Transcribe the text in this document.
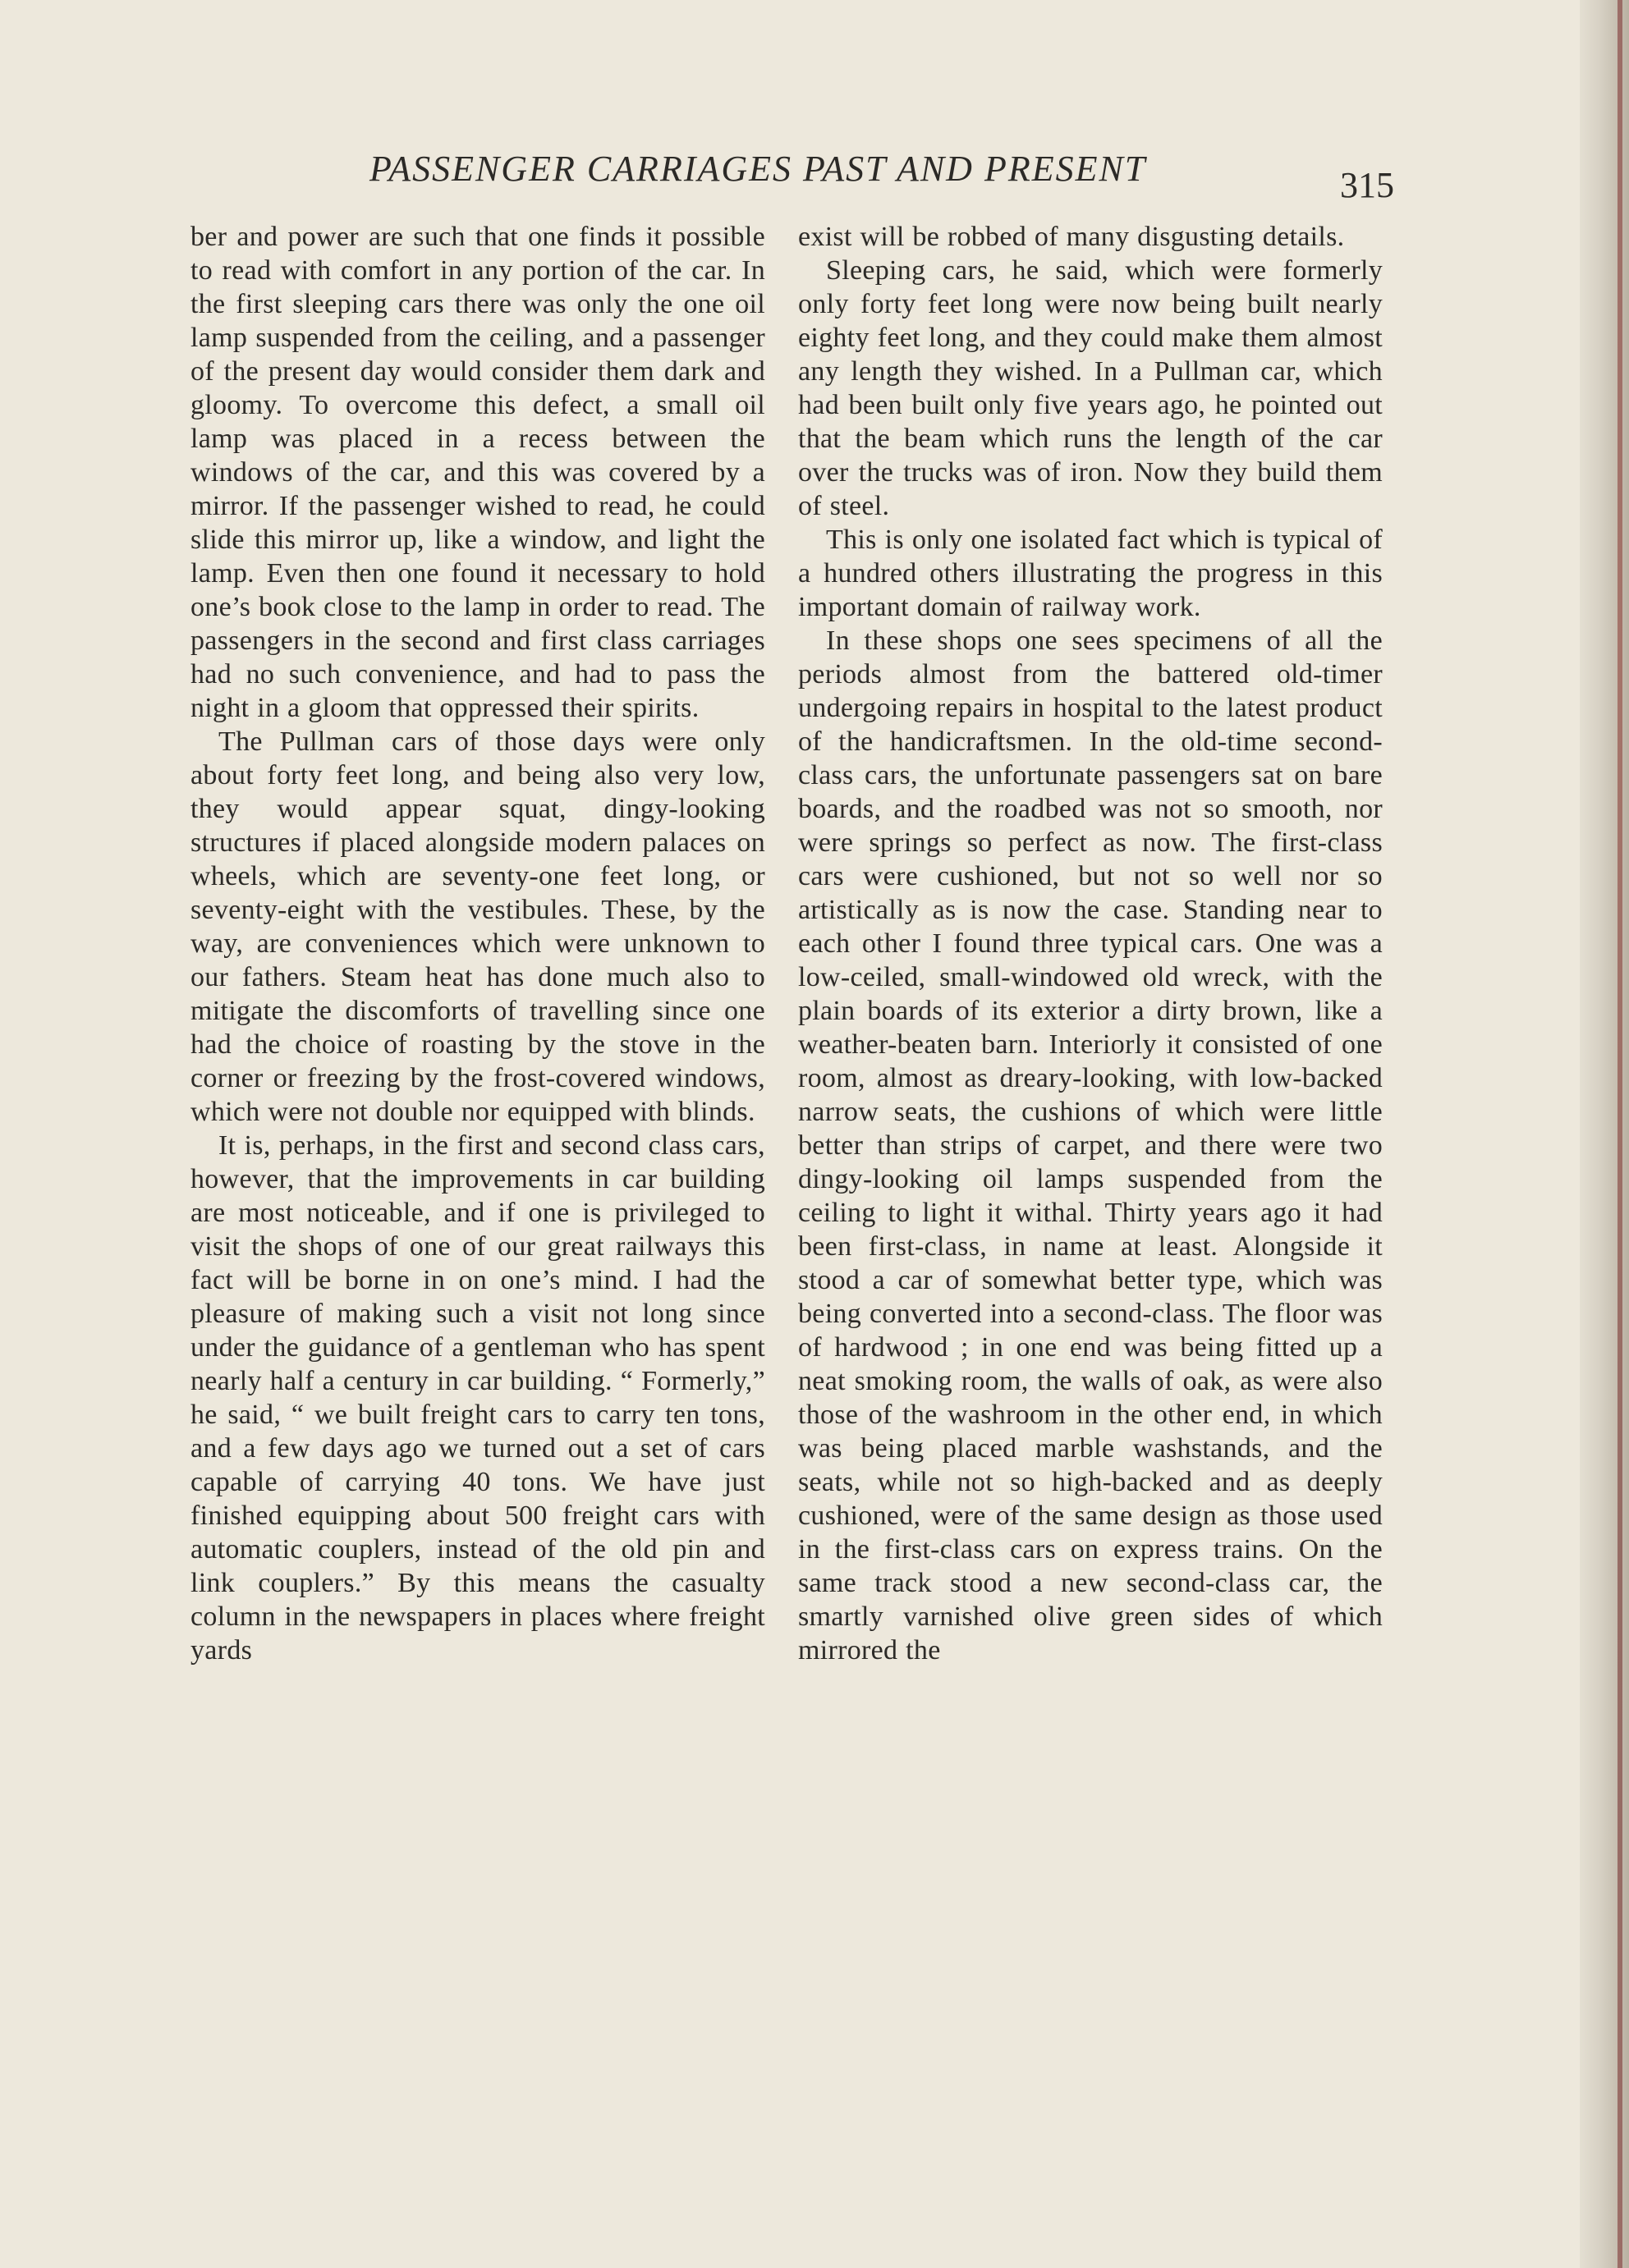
PASSENGER CARRIAGES PAST AND PRESENT	315

ber and power are such that one finds it possible to read with comfort in any portion of the car. In the first sleeping cars there was only the one oil lamp suspended from the ceiling, and a passenger of the present day would consider them dark and gloomy. To overcome this defect, a small oil lamp was placed in a recess between the windows of the car, and this was covered by a mirror. If the passenger wished to read, he could slide this mirror up, like a window, and light the lamp. Even then one found it necessary to hold one’s book close to the lamp in order to read. The passengers in the second and first class carriages had no such convenience, and had to pass the night in a gloom that oppressed their spirits.

The Pullman cars of those days were only about forty feet long, and being also very low, they would appear squat, dingy-looking structures if placed alongside modern palaces on wheels, which are seventy-one feet long, or seventy-eight with the vestibules. These, by the way, are conveniences which were unknown to our fathers. Steam heat has done much also to mitigate the discomforts of travelling since one had the choice of roasting by the stove in the corner or freezing by the frost-covered windows, which were not double nor equipped with blinds.

It is, perhaps, in the first and second class cars, however, that the improvements in car building are most noticeable, and if one is privileged to visit the shops of one of our great railways this fact will be borne in on one’s mind. I had the pleasure of making such a visit not long since under the guidance of a gentleman who has spent nearly half a century in car building. “ Formerly,” he said, “ we built freight cars to carry ten tons, and a few days ago we turned out a set of cars capable of carrying 40 tons. We have just finished equipping about 500 freight cars with automatic couplers, instead of the old pin and link couplers.” By this means the casualty column in the newspapers in places where freight yards

exist will be robbed of many disgusting details.

Sleeping cars, he said, which were formerly only forty feet long were now being built nearly eighty feet long, and they could make them almost any length they wished. In a Pullman car, which had been built only five years ago, he pointed out that the beam which runs the length of the car over the trucks was of iron. Now they build them of steel.

This is only one isolated fact which is typical of a hundred others illustrating the progress in this important domain of railway work.

In these shops one sees specimens of all the periods almost from the battered old-timer undergoing repairs in hospital to the latest product of the handicraftsmen. In the old-time second-class cars, the unfortunate passengers sat on bare boards, and the roadbed was not so smooth, nor were springs so perfect as now. The first-class cars were cushioned, but not so well nor so artistically as is now the case. Standing near to each other I found three typical cars. One was a low-ceiled, small-windowed old wreck, with the plain boards of its exterior a dirty brown, like a weather-beaten barn. Interiorly it consisted of one room, almost as dreary-looking, with low-backed narrow seats, the cushions of which were little better than strips of carpet, and there were two dingy-looking oil lamps suspended from the ceiling to light it withal. Thirty years ago it had been first-class, in name at least. Alongside it stood a car of somewhat better type, which was being converted into a second-class. The floor was of hardwood ; in one end was being fitted up a neat smoking room, the walls of oak, as were also those of the washroom in the other end, in which was being placed marble washstands, and the seats, while not so high-backed and as deeply cushioned, were of the same design as those used in the first-class cars on express trains. On the same track stood a new second-class car, the smartly varnished olive green sides of which mirrored the
